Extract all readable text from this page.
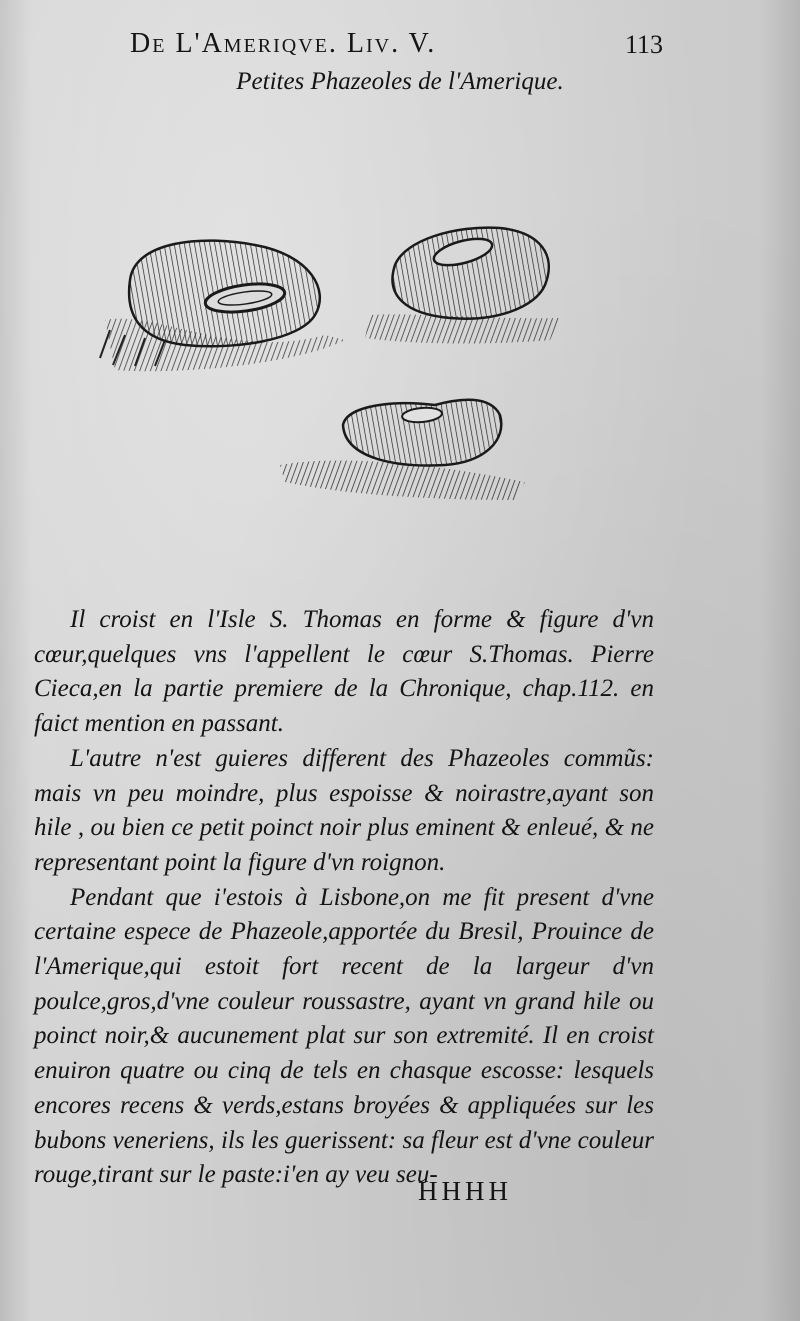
De L'Ameriqve. Liv. V.	113
Petites Phazeoles de l'Amerique.

Il croist en l'Isle S. Thomas en forme & figure d'vn cœur,quelques vns l'appellent le cœur S.Thomas. Pierre Cieca,en la partie premiere de la Chronique, chap.112. en faict mention en passant.

L'autre n'est guieres different des Phazeoles commũs: mais vn peu moindre, plus espoisse & noirastre,ayant son hile , ou bien ce petit poinct noir plus eminent & enleué, & ne representant point la figure d'vn roignon.

Pendant que i'estois à Lisbone,on me fit present d'vne certaine espece de Phazeole,apportée du Bresil, Prouince de l'Amerique,qui estoit fort recent de la largeur d'vn poulce,gros,d'vne couleur roussastre, ayant vn grand hile ou poinct noir,& aucunement plat sur son extremité. Il en croist enuiron quatre ou cinq de tels en chasque escosse: lesquels encores recens & verds,estans broyées & appliquées sur les bubons veneriens, ils les guerissent: sa fleur est d'vne couleur rouge,tirant sur le paste:i'en ay veu seu-

HHHH
